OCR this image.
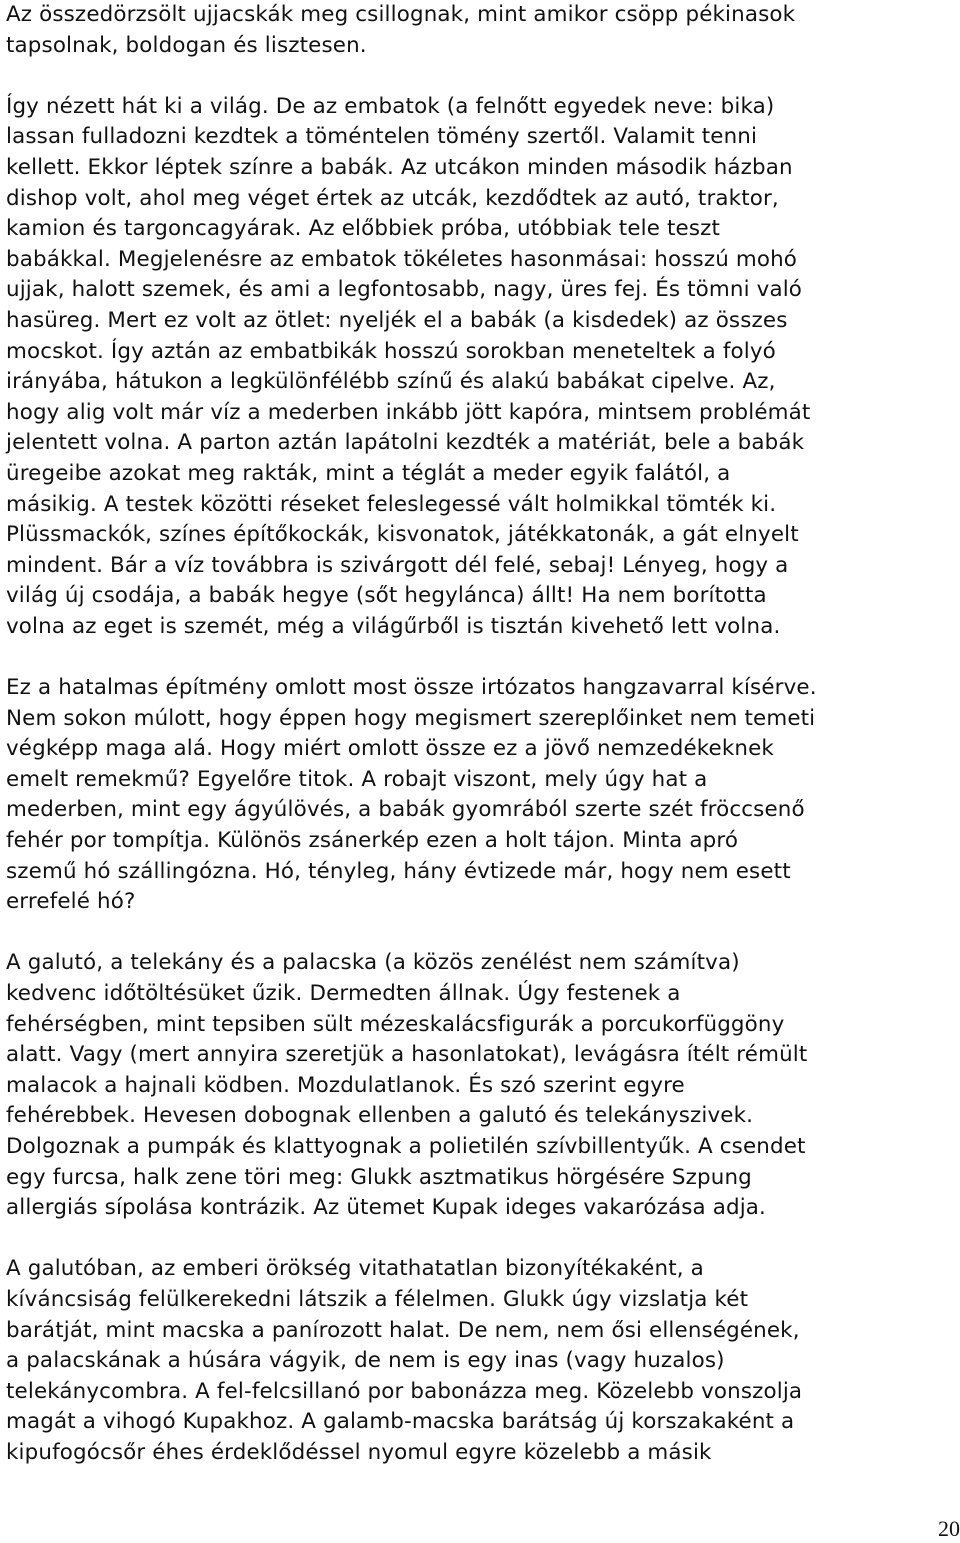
Az összedörzsölt ujjacskák meg csillognak, mint amikor csöpp pékinasok
tapsolnak, boldogan és lisztesen.
Így nézett hát ki a világ. De az embatok (a felnőtt egyedek neve: bika)
lassan fulladozni kezdtek a töméntelen tömény szertől. Valamit tenni
kellett. Ekkor léptek színre a babák. Az utcákon minden második házban
dishop volt, ahol meg véget értek az utcák, kezdődtek az autó, traktor,
kamion és targoncagyárak. Az előbbiek próba, utóbbiak tele teszt
babákkal. Megjelenésre az embatok tökéletes hasonmásai: hosszú mohó
ujjak, halott szemek, és ami a legfontosabb, nagy, üres fej. És tömni való
hasüreg. Mert ez volt az ötlet: nyeljék el a babák (a kisdedek) az összes
mocskot. Így aztán az embatbikák hosszú sorokban meneteltek a folyó
irányába, hátukon a legkülönfélébb színű és alakú babákat cipelve. Az,
hogy alig volt már víz a mederben inkább jött kapóra, mintsem problémát
jelentett volna. A parton aztán lapátolni kezdték a matériát, bele a babák
üregeibe azokat meg rakták, mint a téglát a meder egyik falától, a
másikig. A testek közötti réseket feleslegessé vált holmikkal tömték ki.
Plüssmackók, színes építőkockák, kisvonatok, játékkatonák, a gát elnyelt
mindent. Bár a víz továbbra is szivárgott dél felé, sebaj! Lényeg, hogy a
világ új csodája, a babák hegye (sőt hegylánca) állt! Ha nem borította
volna az eget is szemét, még a világűrből is tisztán kivehető lett volna.
Ez a hatalmas építmény omlott most össze irtózatos hangzavarral kísérve.
Nem sokon múlott, hogy éppen hogy megismert szereplőinket nem temeti
végképp maga alá. Hogy miért omlott össze ez a jövő nemzedékeknek
emelt remekmű? Egyelőre titok. A robajt viszont, mely úgy hat a
mederben, mint egy ágyúlövés, a babák gyomrából szerte szét fröccsenő
fehér por tompítja. Különös zsánerkép ezen a holt tájon. Minta apró
szemű hó szállingózna. Hó, tényleg, hány évtizede már, hogy nem esett
errefelé hó?
A galutó, a telekány és a palacska (a közös zenélést nem számítva)
kedvenc időtöltésüket űzik. Dermedten állnak. Úgy festenek a
fehérségben, mint tepsiben sült mézeskalácsfigurák a porcukorfüggöny
alatt. Vagy (mert annyira szeretjük a hasonlatokat), levágásra ítélt rémült
malacok a hajnali ködben. Mozdulatlanok. És szó szerint egyre
fehérebbek. Hevesen dobognak ellenben a galutó és telekányszivek.
Dolgoznak a pumpák és klattyognak a polietilén szívbillentyűk. A csendet
egy furcsa, halk zene töri meg: Glukk asztmatikus hörgésére Szpung
allergiás sípolása kontrázik. Az ütemet Kupak ideges vakarózása adja.
A galutóban, az emberi örökség vitathatatlan bizonyítékaként, a
kíváncsiság felülkerekedni látszik a félelmen. Glukk úgy vizslatja két
barátját, mint macska a panírozott halat. De nem, nem ősi ellenségének,
a palacskának a húsára vágyik, de nem is egy inas (vagy huzalos)
telekánycombra. A fel-felcsillanó por babonázza meg. Közelebb vonszolja
magát a vihogó Kupakhoz. A galamb-macska barátság új korszakaként a
kipufogócsőr éhes érdeklődéssel nyomul egyre közelebb a másik
20
